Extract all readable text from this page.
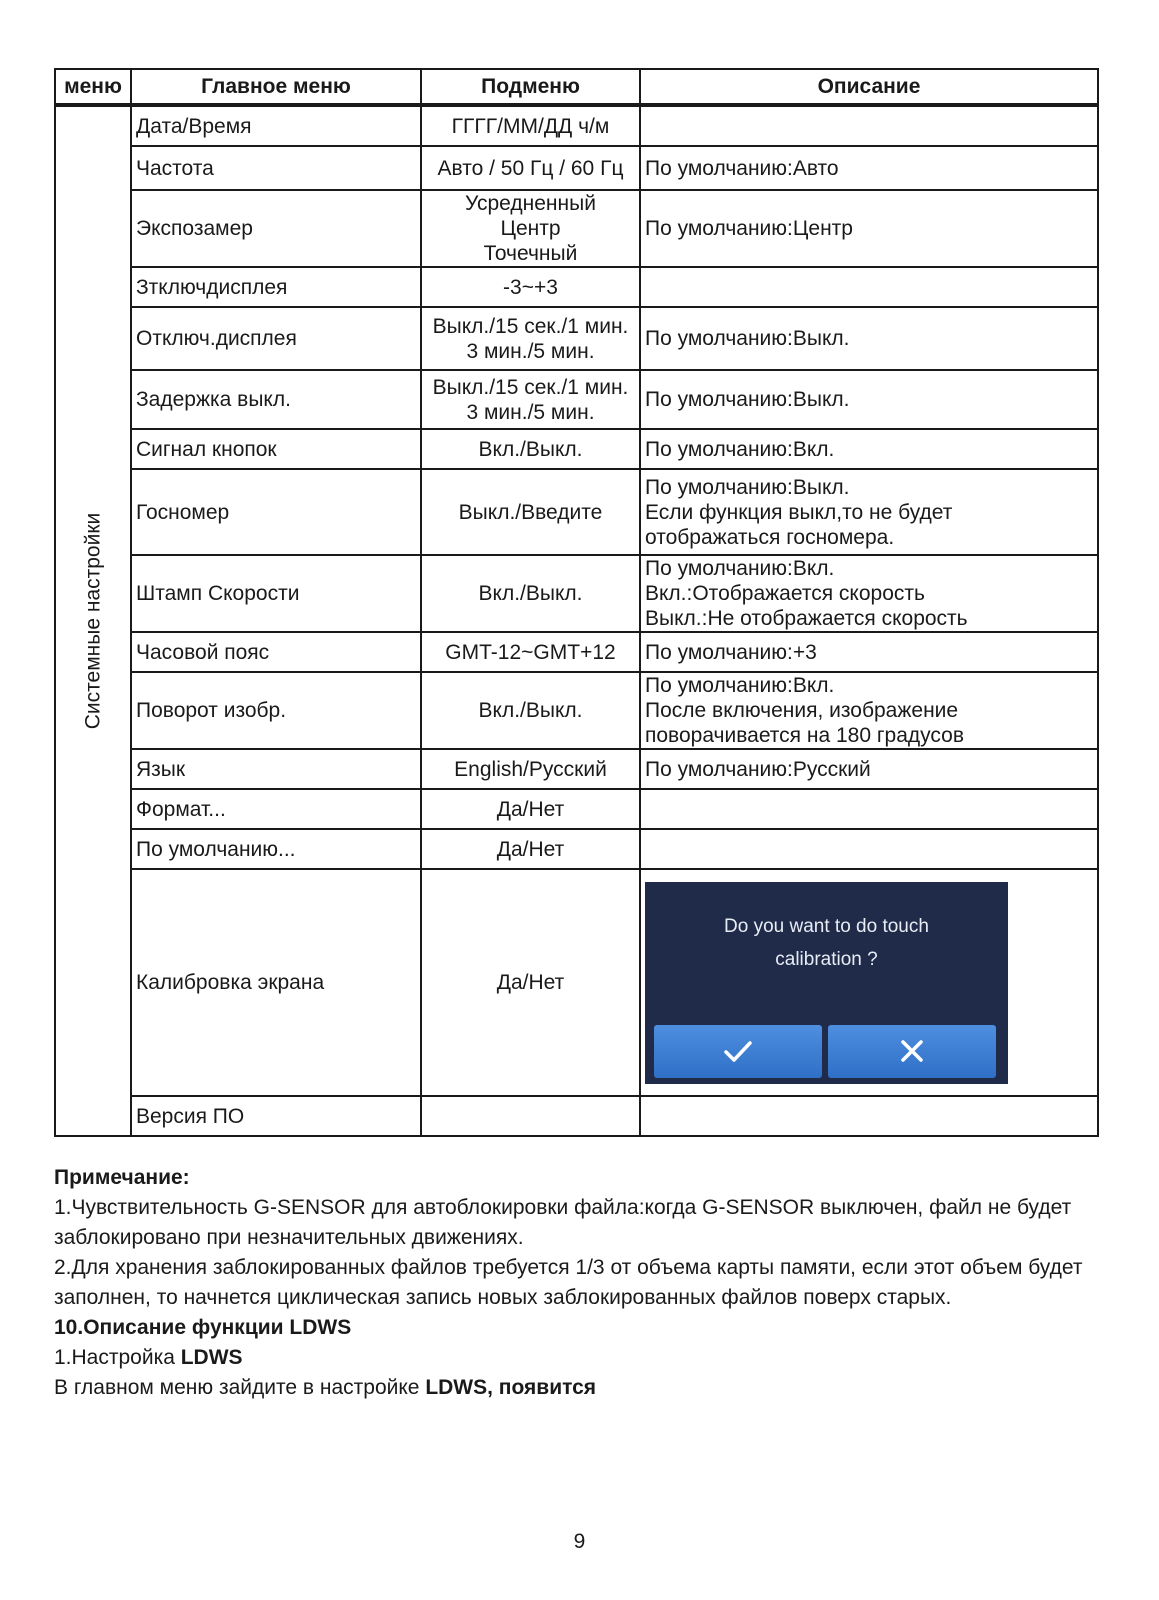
меню	Главное меню	Подменю	Описание

Системные настройки	Дата/Время	ГГГГ/ММ/ДД ч/м	

	Частота	Авто / 50 Гц / 60 Гц	По умолчанию:Авто

	Экспозамер	Усредненный
Центр
Точечный	По умолчанию:Центр

	Зтключдисплея	-3~+3	

	Отключ.дисплея	Выкл./15 сек./1 мин.
3 мин./5 мин.	По умолчанию:Выкл.

	Задержка выкл.	Выкл./15 сек./1 мин.
3 мин./5 мин.	По умолчанию:Выкл.

	Сигнал кнопок	Вкл./Выкл.	По умолчанию:Вкл.

	Госномер	Выкл./Введите	По умолчанию:Выкл.
Если функция выкл,то не будет
отображаться госномера.

	Штамп Скорости	Вкл./Выкл.	По умолчанию:Вкл.
Вкл.:Отображается скорость
Выкл.:Не отображается скорость

	Часовой пояс	GMT-12~GMT+12	По умолчанию:+3

	Поворот изобр.	Вкл./Выкл.	По умолчанию:Вкл.
После включения, изображение
поворачивается на 180 градусов

	Язык	English/Русский	По умолчанию:Русский

	Формат...	Да/Нет	

	По умолчанию...	Да/Нет	

	Калибровка экрана	Да/Нет	Do you want to do touch
calibration ?

	Версия ПО		

Примечание:

1.Чувствительность G-SENSOR для автоблокировки файла:когда G-SENSOR выключен, файл не будет заблокировано при незначительных движениях.

2.Для хранения заблокированных файлов требуется 1/3 от объема карты памяти, если этот объем будет заполнен, то начнется циклическая запись новых заблокированных файлов поверх старых.

10.Описание функции LDWS

1.Настройка LDWS

В главном меню зайдите в настройке LDWS, появится

9
